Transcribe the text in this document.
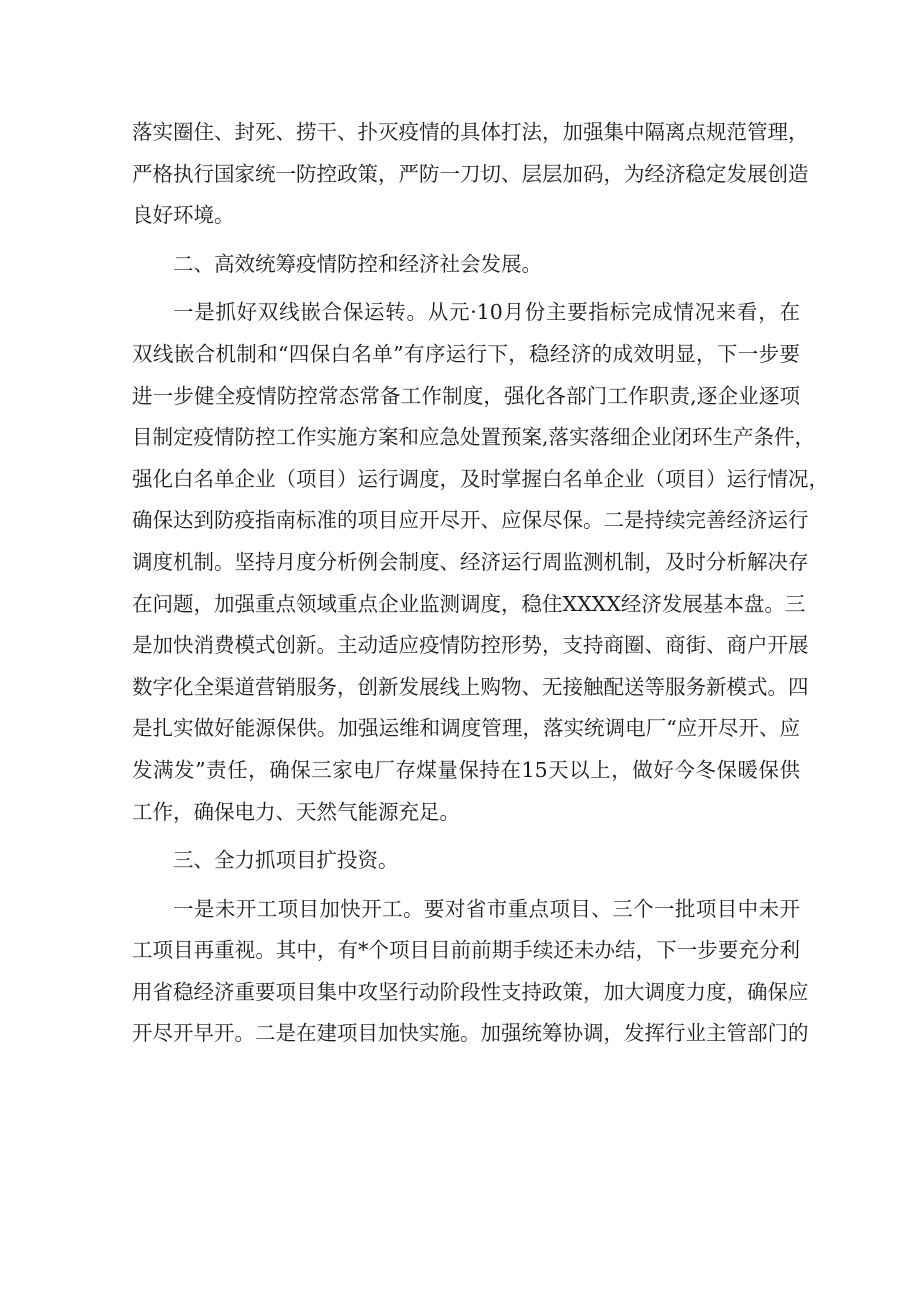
落实圈住、封死、捞干、扑灭疫情的具体打法，加强集中隔离点规范管理，
严格执行国家统一防控政策，严防一刀切、层层加码，为经济稳定发展创造
良好环境。
二、高效统筹疫情防控和经济社会发展。
一是抓好双线嵌合保运转。从元·10月份主要指标完成情况来看，在
双线嵌合机制和“四保白名单”有序运行下，稳经济的成效明显，下一步要
进一步健全疫情防控常态常备工作制度，强化各部门工作职责,逐企业逐项
目制定疫情防控工作实施方案和应急处置预案,落实落细企业闭环生产条件，
强化白名单企业（项目）运行调度，及时掌握白名单企业（项目）运行情况，
确保达到防疫指南标准的项目应开尽开、应保尽保。二是持续完善经济运行
调度机制。坚持月度分析例会制度、经济运行周监测机制，及时分析解决存
在问题，加强重点领域重点企业监测调度，稳住XXXX经济发展基本盘。三
是加快消费模式创新。主动适应疫情防控形势，支持商圈、商街、商户开展
数字化全渠道营销服务，创新发展线上购物、无接触配送等服务新模式。四
是扎实做好能源保供。加强运维和调度管理，落实统调电厂“应开尽开、应
发满发”责任，确保三家电厂存煤量保持在15天以上，做好今冬保暖保供
工作，确保电力、天然气能源充足。
三、全力抓项目扩投资。
一是未开工项目加快开工。要对省市重点项目、三个一批项目中未开
工项目再重视。其中，有*个项目目前前期手续还未办结，下一步要充分利
用省稳经济重要项目集中攻坚行动阶段性支持政策，加大调度力度，确保应
开尽开早开。二是在建项目加快实施。加强统筹协调，发挥行业主管部门的
